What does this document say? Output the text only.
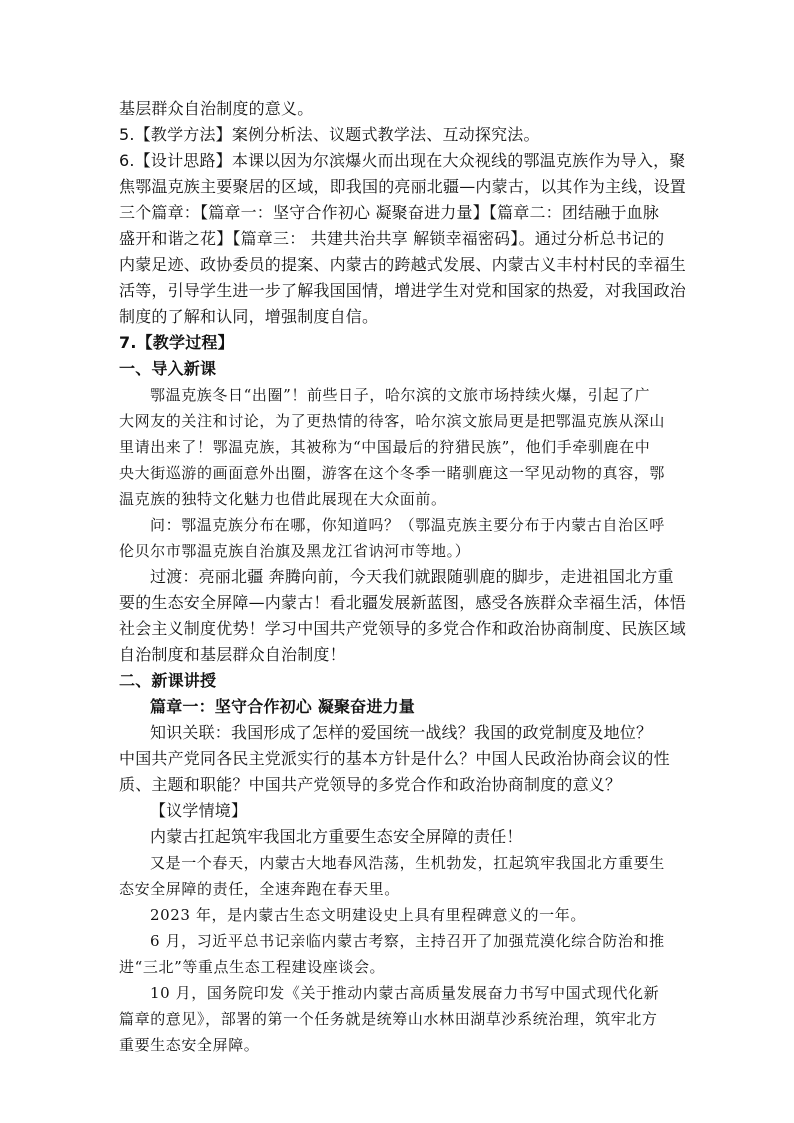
基层群众自治制度的意义。
5.【教学方法】案例分析法、议题式教学法、互动探究法。
6.【设计思路】本课以因为尔滨爆火而出现在大众视线的鄂温克族作为导入，聚
焦鄂温克族主要聚居的区域，即我国的亮丽北疆—内蒙古，以其作为主线，设置
三个篇章：【篇章一：坚守合作初心 凝聚奋进力量】【篇章二：团结融于血脉
盛开和谐之花】【篇章三： 共建共治共享 解锁幸福密码】。通过分析总书记的
内蒙足迹、政协委员的提案、内蒙古的跨越式发展、内蒙古义丰村村民的幸福生
活等，引导学生进一步了解我国国情，增进学生对党和国家的热爱，对我国政治
制度的了解和认同，增强制度自信。
7.【教学过程】
一、导入新课
鄂温克族冬日“出圈”！前些日子，哈尔滨的文旅市场持续火爆，引起了广
大网友的关注和讨论，为了更热情的待客，哈尔滨文旅局更是把鄂温克族从深山
里请出来了！鄂温克族，其被称为“中国最后的狩猎民族”，他们手牵驯鹿在中
央大街巡游的画面意外出圈，游客在这个冬季一睹驯鹿这一罕见动物的真容，鄂
温克族的独特文化魅力也借此展现在大众面前。
问：鄂温克族分布在哪，你知道吗？（鄂温克族主要分布于内蒙古自治区呼
伦贝尔市鄂温克族自治旗及黑龙江省讷河市等地。）
过渡：亮丽北疆 奔腾向前，今天我们就跟随驯鹿的脚步，走进祖国北方重
要的生态安全屏障—内蒙古！看北疆发展新蓝图，感受各族群众幸福生活，体悟
社会主义制度优势！学习中国共产党领导的多党合作和政治协商制度、民族区域
自治制度和基层群众自治制度！
二、新课讲授
篇章一：坚守合作初心 凝聚奋进力量
知识关联：我国形成了怎样的爱国统一战线？我国的政党制度及地位？
中国共产党同各民主党派实行的基本方针是什么？中国人民政治协商会议的性
质、主题和职能？中国共产党领导的多党合作和政治协商制度的意义？
【议学情境】
内蒙古扛起筑牢我国北方重要生态安全屏障的责任！
又是一个春天，内蒙古大地春风浩荡，生机勃发，扛起筑牢我国北方重要生
态安全屏障的责任，全速奔跑在春天里。
2023 年，是内蒙古生态文明建设史上具有里程碑意义的一年。
6 月，习近平总书记亲临内蒙古考察，主持召开了加强荒漠化综合防治和推
进“三北”等重点生态工程建设座谈会。
10 月，国务院印发《关于推动内蒙古高质量发展奋力书写中国式现代化新
篇章的意见》，部署的第一个任务就是统筹山水林田湖草沙系统治理，筑牢北方
重要生态安全屏障。
